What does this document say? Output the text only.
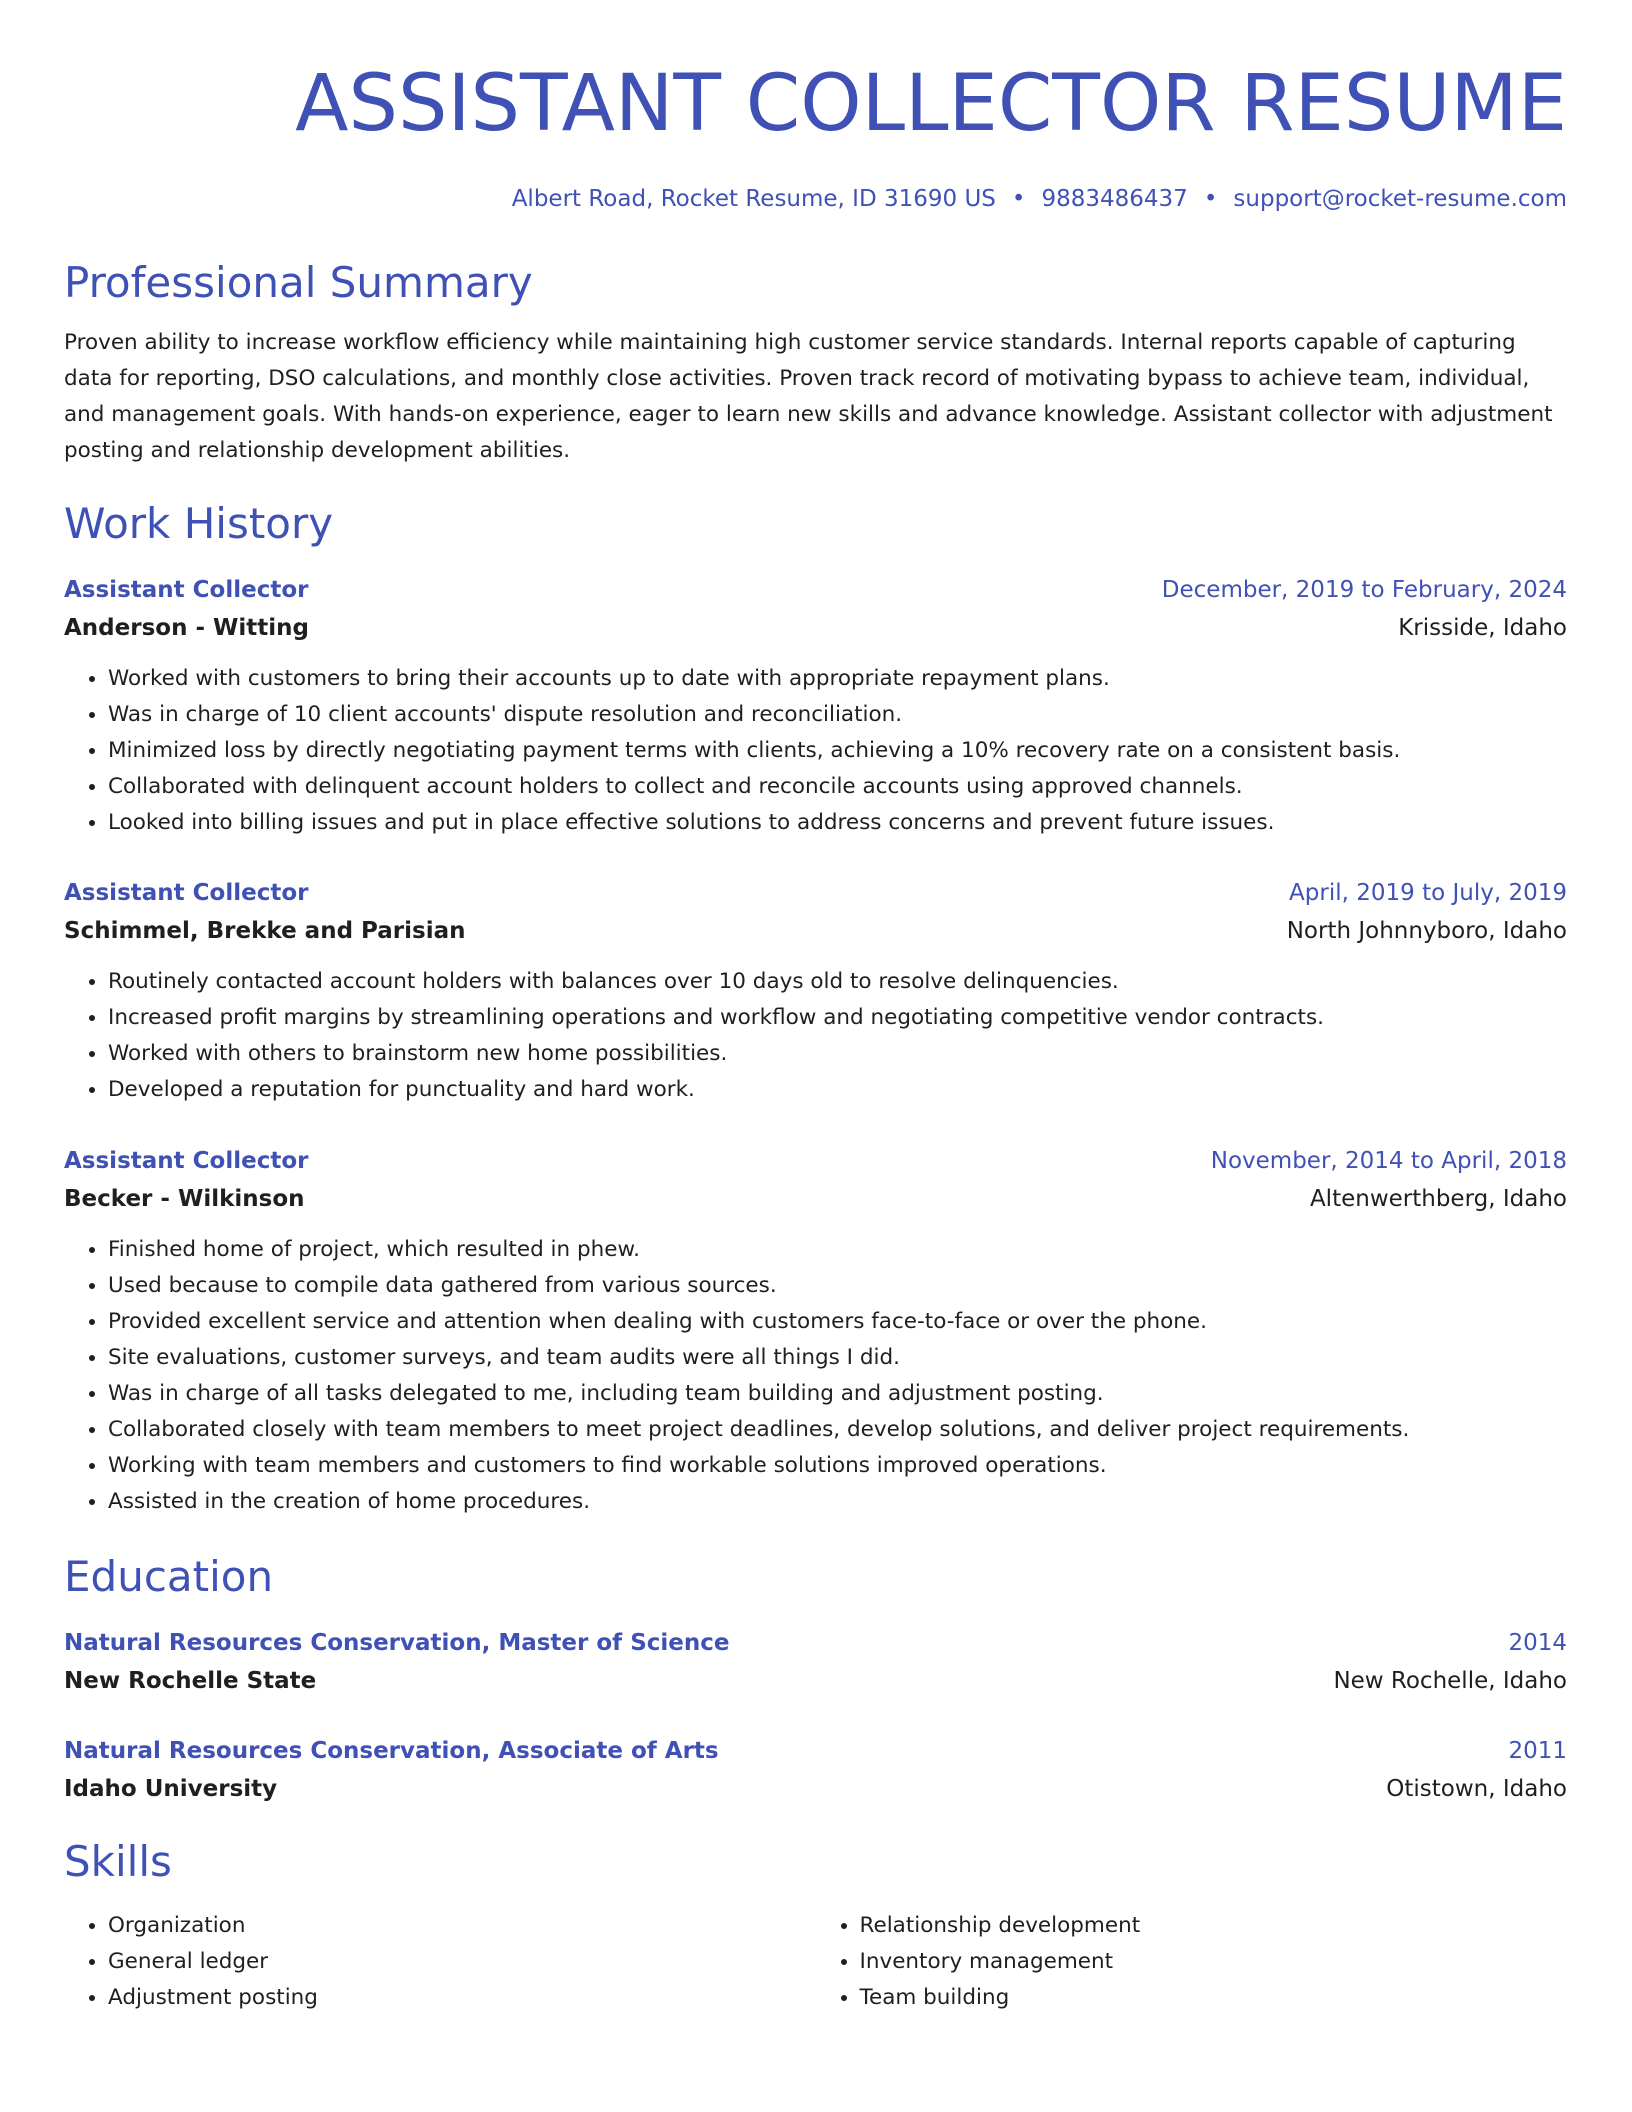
ASSISTANT COLLECTOR RESUME
Albert Road, Rocket Resume, ID 31690 US • 9883486437 • support@rocket-resume.com
Professional Summary

Proven ability to increase workflow efficiency while maintaining high customer service standards. Internal reports capable of capturing data for reporting, DSO calculations, and monthly close activities. Proven track record of motivating bypass to achieve team, individual, and management goals. With hands-on experience, eager to learn new skills and advance knowledge. Assistant collector with adjustment posting and relationship development abilities.

Work History
Assistant Collector	December, 2019 to February, 2024
Anderson - Witting	Krisside, Idaho
• Worked with customers to bring their accounts up to date with appropriate repayment plans.
• Was in charge of 10 client accounts' dispute resolution and reconciliation.
• Minimized loss by directly negotiating payment terms with clients, achieving a 10% recovery rate on a consistent basis.
• Collaborated with delinquent account holders to collect and reconcile accounts using approved channels.
• Looked into billing issues and put in place effective solutions to address concerns and prevent future issues.
Assistant Collector	April, 2019 to July, 2019
Schimmel, Brekke and Parisian	North Johnnyboro, Idaho
• Routinely contacted account holders with balances over 10 days old to resolve delinquencies.
• Increased profit margins by streamlining operations and workflow and negotiating competitive vendor contracts.
• Worked with others to brainstorm new home possibilities.
• Developed a reputation for punctuality and hard work.
Assistant Collector	November, 2014 to April, 2018
Becker - Wilkinson	Altenwerthberg, Idaho
• Finished home of project, which resulted in phew.
• Used because to compile data gathered from various sources.
• Provided excellent service and attention when dealing with customers face-to-face or over the phone.
• Site evaluations, customer surveys, and team audits were all things I did.
• Was in charge of all tasks delegated to me, including team building and adjustment posting.
• Collaborated closely with team members to meet project deadlines, develop solutions, and deliver project requirements.
• Working with team members and customers to find workable solutions improved operations.
• Assisted in the creation of home procedures.
Education
Natural Resources Conservation, Master of Science	2014
New Rochelle State	New Rochelle, Idaho
Natural Resources Conservation, Associate of Arts	2011
Idaho University	Otistown, Idaho
Skills
• Organization
• General ledger
• Adjustment posting
• Relationship development
• Inventory management
• Team building
